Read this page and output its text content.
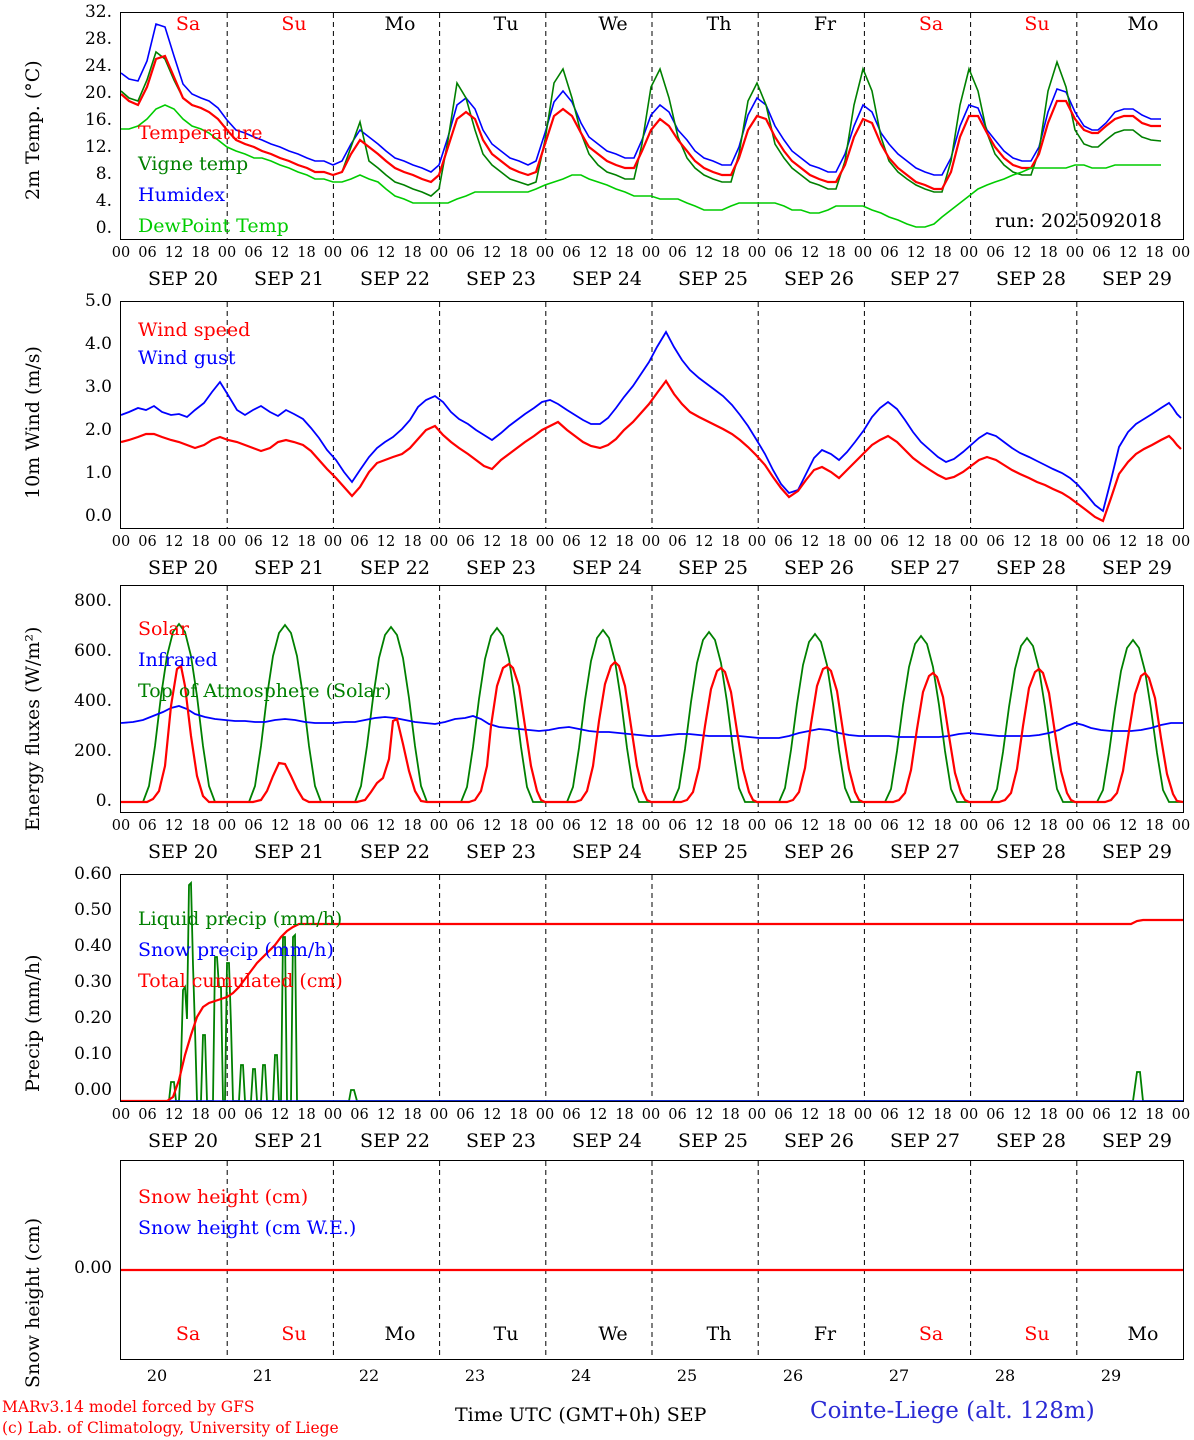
2m Temp. (°C)
32.
28.
24.
20.
16.
12.
8.
4.
0.
Temperature
Vigne temp
Humidex
DewPoint Temp	run: 2025092018
Sa	Su	Mo	Tu	We	Th	Fr	Sa	Su	Mo
00 06 12 18 00 06 12 18 00 06 12 18 00 06 12 18 00 06 12 18 00 06 12 18 00 06 12 18 00 06 12 18 00 06 12 18 00 06 12 18 00
SEP 20	SEP 21	SEP 22	SEP 23	SEP 24	SEP 25	SEP 26	SEP 27	SEP 28	SEP 29
10m Wind (m/s)
5.0
4.0
3.0
2.0
1.0
0.0
Wind speed
Wind gust
00 06 12 18 00 06 12 18 00 06 12 18 00 06 12 18 00 06 12 18 00 06 12 18 00 06 12 18 00 06 12 18 00 06 12 18 00 06 12 18 00
SEP 20	SEP 21	SEP 22	SEP 23	SEP 24	SEP 25	SEP 26	SEP 27	SEP 28	SEP 29
Energy fluxes (W/m²)
800.
600.
400.
200.
0.
Solar
Infrared
Top of Atmosphere (Solar)
00 06 12 18 00 06 12 18 00 06 12 18 00 06 12 18 00 06 12 18 00 06 12 18 00 06 12 18 00 06 12 18 00 06 12 18 00 06 12 18 00
SEP 20	SEP 21	SEP 22	SEP 23	SEP 24	SEP 25	SEP 26	SEP 27	SEP 28	SEP 29
Precip (mm/h)
0.60
0.50
0.40
0.30
0.20
0.10
0.00
Liquid precip (mm/h)
Snow precip (mm/h)
Total cumulated (cm)
00 06 12 18 00 06 12 18 00 06 12 18 00 06 12 18 00 06 12 18 00 06 12 18 00 06 12 18 00 06 12 18 00 06 12 18 00 06 12 18 00
SEP 20	SEP 21	SEP 22	SEP 23	SEP 24	SEP 25	SEP 26	SEP 27	SEP 28	SEP 29
Snow height (cm)	0.00
Snow height (cm)
Snow height (cm W.E.)
Sa	Su	Mo	Tu	We	Th	Fr	Sa	Su	Mo
20	21	22	23	24	25	26	27	28	29
MARv3.14 model forced by GFS
(c) Lab. of Climatology, University of Liege
Time UTC (GMT+0h) SEP	Cointe-Liege (alt. 128m)
